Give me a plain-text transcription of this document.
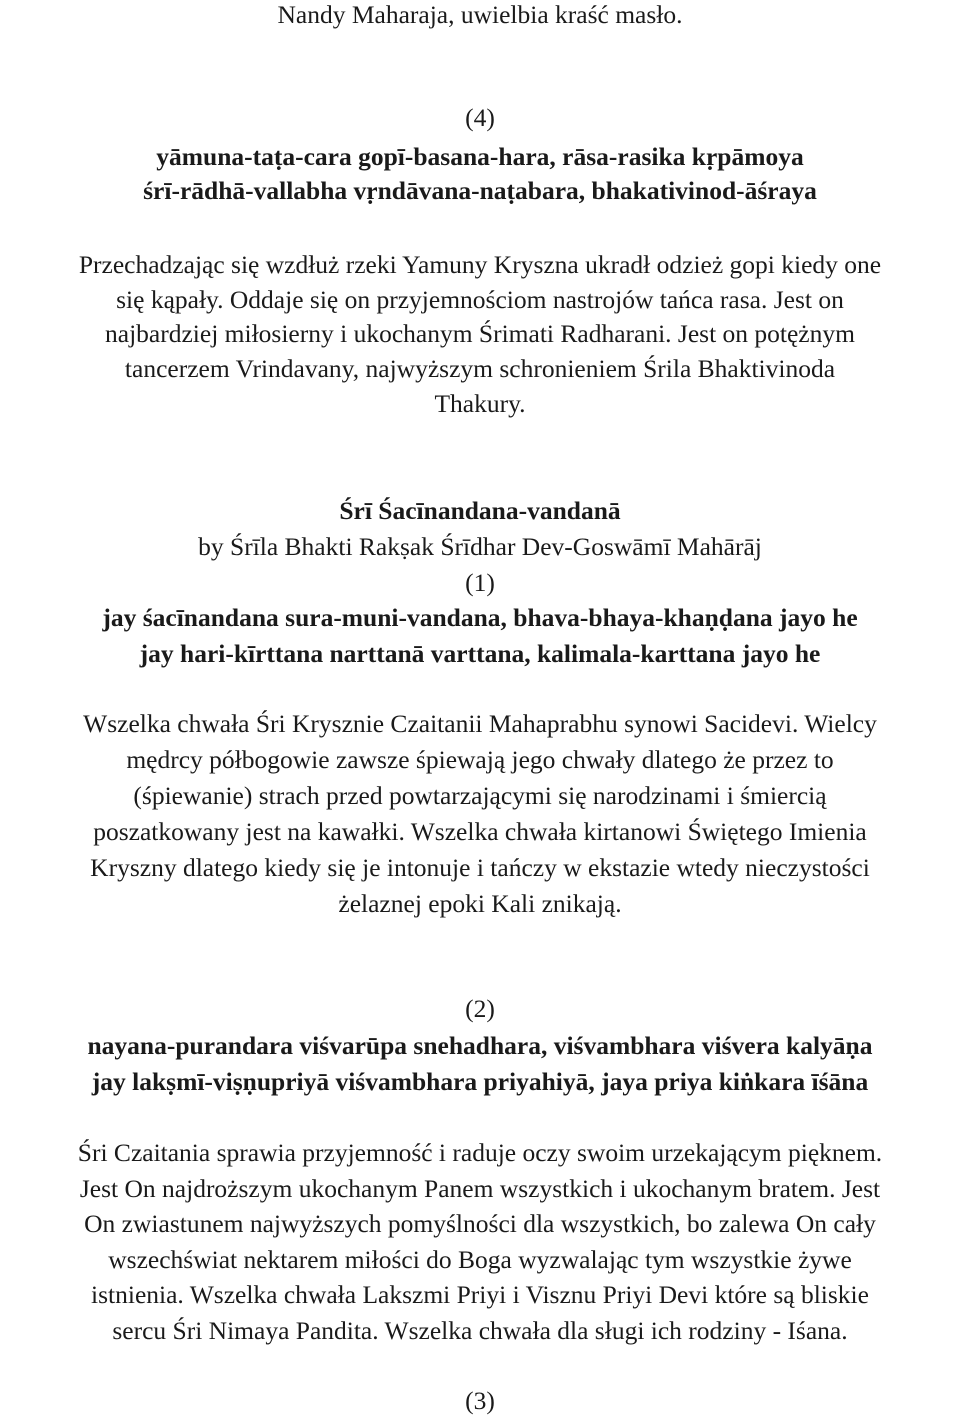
Nandy Maharaja, uwielbia kraść masło.
(4)
yāmuna-taṭa-cara gopī-basana-hara, rāsa-rasika kṛpāmoya
śrī-rādhā-vallabha vṛndāvana-naṭabara, bhakativinod-āśraya
Przechadzając się wzdłuż rzeki Yamuny Kryszna ukradł odzież gopi kiedy one
się kąpały. Oddaje się on przyjemnościom nastrojów tańca rasa. Jest on
najbardziej miłosierny i ukochanym Śrimati Radharani. Jest on potężnym
tancerzem Vrindavany, najwyższym schronieniem Śrila Bhaktivinoda
Thakury.
Śrī Śacīnandana-vandanā
by Śrīla Bhakti Rakṣak Śrīdhar Dev-Goswāmī Mahārāj
(1)
jay śacīnandana sura-muni-vandana, bhava-bhaya-khaṇḍana jayo he
jay hari-kīrttana narttanā varttana, kalimala-karttana jayo he
Wszelka chwała Śri Krysznie Czaitanii Mahaprabhu synowi Sacidevi. Wielcy
mędrcy półbogowie zawsze śpiewają jego chwały dlatego że przez to
(śpiewanie) strach przed powtarzającymi się narodzinami i śmiercią
poszatkowany jest na kawałki. Wszelka chwała kirtanowi Świętego Imienia
Kryszny dlatego kiedy się je intonuje i tańczy w ekstazie wtedy nieczystości
żelaznej epoki Kali znikają.
(2)
nayana-purandara viśvarūpa snehadhara, viśvambhara viśvera kalyāṇa
jay lakṣmī-viṣṇupriyā viśvambhara priyahiyā, jaya priya kiṅkara īśāna
Śri Czaitania sprawia przyjemność i raduje oczy swoim urzekającym pięknem.
Jest On najdroższym ukochanym Panem wszystkich i ukochanym bratem. Jest
On zwiastunem najwyższych pomyślności dla wszystkich, bo zalewa On cały
wszechświat nektarem miłości do Boga wyzwalając tym wszystkie żywe
istnienia. Wszelka chwała Lakszmi Priyi i Visznu Priyi Devi które są bliskie
sercu Śri Nimaya Pandita. Wszelka chwała dla sługi ich rodziny - Iśana.
(3)
